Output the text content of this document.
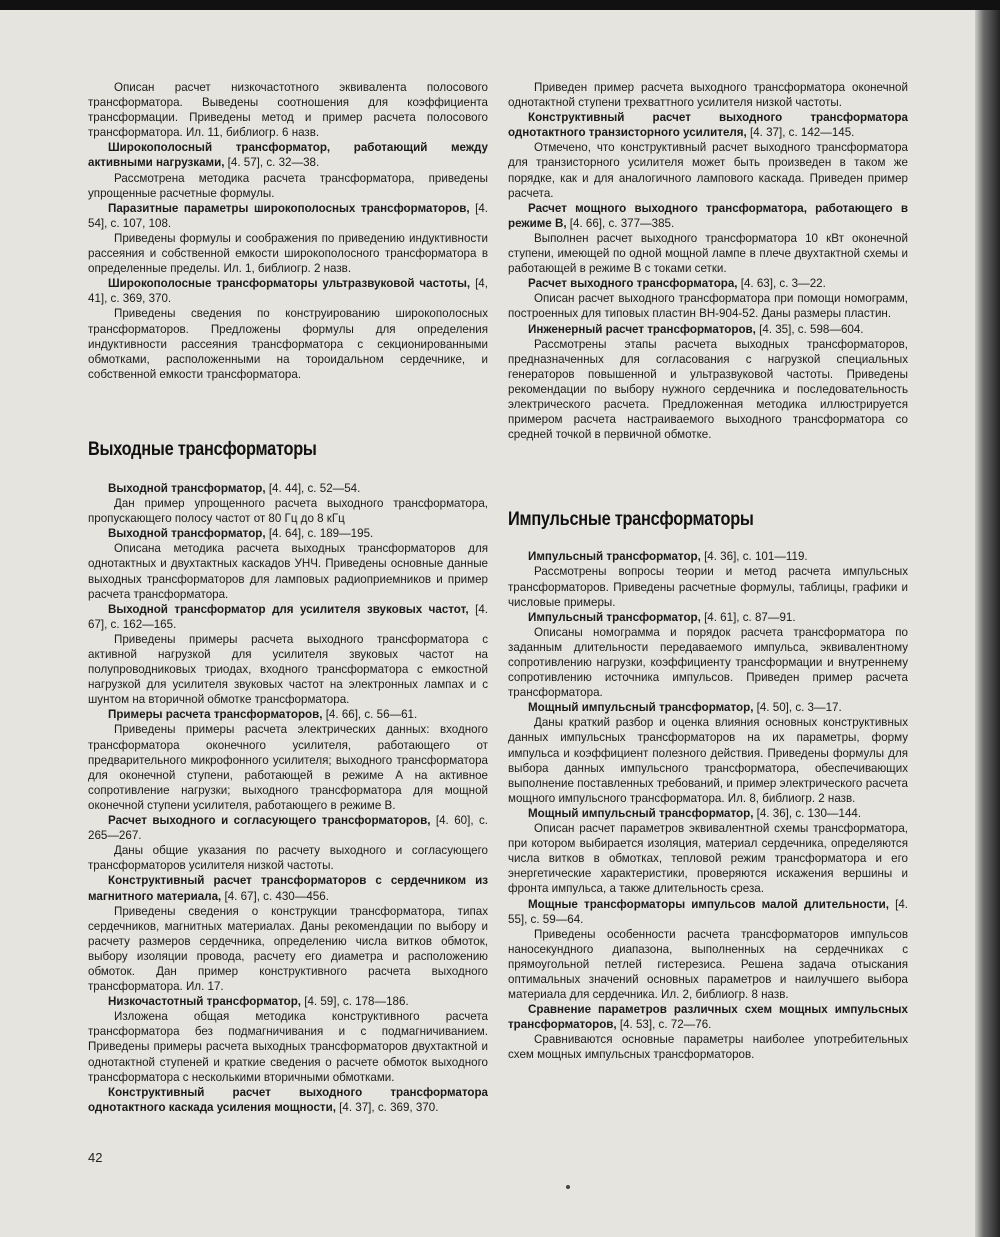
Описан расчет низкочастотного эквивалента полосового трансформатора. Выведены соотношения для коэффициента трансформации. Приведены метод и пример расчета полосового трансформатора. Ил. 11, библиогр. 6 назв.

Широкополосный трансформатор, работающий между активными нагрузками, [4. 57], с. 32—38.

Рассмотрена методика расчета трансформатора, приведены упрощенные расчетные формулы.

Паразитные параметры широкополосных трансформаторов, [4. 54], с. 107, 108.

Приведены формулы и соображения по приведению индуктивности рассеяния и собственной емкости широкополосного трансформатора в определенные пределы. Ил. 1, библиогр. 2 назв.

Широкополосные трансформаторы ультразвуковой частоты, [4, 41], с. 369, 370.

Приведены сведения по конструированию широкополосных трансформаторов. Предложены формулы для определения индуктивности рассеяния трансформатора с секционированными обмотками, расположенными на тороидальном сердечнике, и собственной емкости трансформатора.

Выходные трансформаторы

Выходной трансформатор, [4. 44], с. 52—54.

Дан пример упрощенного расчета выходного трансформатора, пропускающего полосу частот от 80 Гц до 8 кГц

Выходной трансформатор, [4. 64], с. 189—195.

Описана методика расчета выходных трансформаторов для однотактных и двухтактных каскадов УНЧ. Приведены основные данные выходных трансформаторов для ламповых радиоприемников и пример расчета трансформатора.

Выходной трансформатор для усилителя звуковых частот, [4. 67], с. 162—165.

Приведены примеры расчета выходного трансформатора с активной нагрузкой для усилителя звуковых частот на полупроводниковых триодах, входного трансформатора с емкостной нагрузкой для усилителя звуковых частот на электронных лампах и с шунтом на вторичной обмотке трансформатора.

Примеры расчета трансформаторов, [4. 66], с. 56—61.

Приведены примеры расчета электрических данных: входного трансформатора оконечного усилителя, работающего от предварительного микрофонного усилителя; выходного трансформатора для оконечной ступени, работающей в режиме А на активное сопротивление нагрузки; выходного трансформатора для мощной оконечной ступени усилителя, работающего в режиме В.

Расчет выходного и согласующего трансформаторов, [4. 60], с. 265—267.

Даны общие указания по расчету выходного и согласующего трансформаторов усилителя низкой частоты.

Конструктивный расчет трансформаторов с сердечником из магнитного материала, [4. 67], с. 430—456.

Приведены сведения о конструкции трансформатора, типах сердечников, магнитных материалах. Даны рекомендации по выбору и расчету размеров сердечника, определению числа витков обмоток, выбору изоляции провода, расчету его диаметра и расположению обмоток. Дан пример конструктивного расчета выходного трансформатора. Ил. 17.

Низкочастотный трансформатор, [4. 59], с. 178—186.

Изложена общая методика конструктивного расчета трансформатора без подмагничивания и с подмагничиванием. Приведены примеры расчета выходных трансформаторов двухтактной и однотактной ступеней и краткие сведения о расчете обмоток выходного трансформатора с несколькими вторичными обмотками.

Конструктивный расчет выходного трансформатора однотактного каскада усиления мощности, [4. 37], с. 369, 370.

Приведен пример расчета выходного трансформатора оконечной однотактной ступени трехваттного усилителя низкой частоты.

Конструктивный расчет выходного трансформатора однотактного транзисторного усилителя, [4. 37], с. 142—145.

Отмечено, что конструктивный расчет выходного трансформатора для транзисторного усилителя может быть произведен в таком же порядке, как и для аналогичного лампового каскада. Приведен пример расчета.

Расчет мощного выходного трансформатора, работающего в режиме В, [4. 66], с. 377—385.

Выполнен расчет выходного трансформатора 10 кВт оконечной ступени, имеющей по одной мощной лампе в плече двухтактной схемы и работающей в режиме В с токами сетки.

Расчет выходного трансформатора, [4. 63], с. 3—22.

Описан расчет выходного трансформатора при помощи номограмм, построенных для типовых пластин ВН-904-52. Даны размеры пластин.

Инженерный расчет трансформаторов, [4. 35], с. 598—604.

Рассмотрены этапы расчета выходных трансформаторов, предназначенных для согласования с нагрузкой специальных генераторов повышенной и ультразвуковой частоты. Приведены рекомендации по выбору нужного сердечника и последовательность электрического расчета. Предложенная методика иллюстрируется примером расчета настраиваемого выходного трансформатора со средней точкой в первичной обмотке.

Импульсные трансформаторы

Импульсный трансформатор, [4. 36], с. 101—119.

Рассмотрены вопросы теории и метод расчета импульсных трансформаторов. Приведены расчетные формулы, таблицы, графики и числовые примеры.

Импульсный трансформатор, [4. 61], с. 87—91.

Описаны номограмма и порядок расчета трансформатора по заданным длительности передаваемого импульса, эквивалентному сопротивлению нагрузки, коэффициенту трансформации и внутреннему сопротивлению источника импульсов. Приведен пример расчета трансформатора.

Мощный импульсный трансформатор, [4. 50], с. 3—17.

Даны краткий разбор и оценка влияния основных конструктивных данных импульсных трансформаторов на их параметры, форму импульса и коэффициент полезного действия. Приведены формулы для выбора данных импульсного трансформатора, обеспечивающих выполнение поставленных требований, и пример электрического расчета мощного импульсного трансформатора. Ил. 8, библиогр. 2 назв.

Мощный импульсный трансформатор, [4. 36], с. 130—144.

Описан расчет параметров эквивалентной схемы трансформатора, при котором выбирается изоляция, материал сердечника, определяются числа витков в обмотках, тепловой режим трансформатора и его энергетические характеристики, проверяются искажения вершины и фронта импульса, а также длительность среза.

Мощные трансформаторы импульсов малой длительности, [4. 55], с. 59—64.

Приведены особенности расчета трансформаторов импульсов наносекундного диапазона, выполненных на сердечниках с прямоугольной петлей гистерезиса. Решена задача отыскания оптимальных значений основных параметров и наилучшего выбора материала для сердечника. Ил. 2, библиогр. 8 назв.

Сравнение параметров различных схем мощных импульсных трансформаторов, [4. 53], с. 72—76.

Сравниваются основные параметры наиболее употребительных схем мощных импульсных трансформаторов.

42
